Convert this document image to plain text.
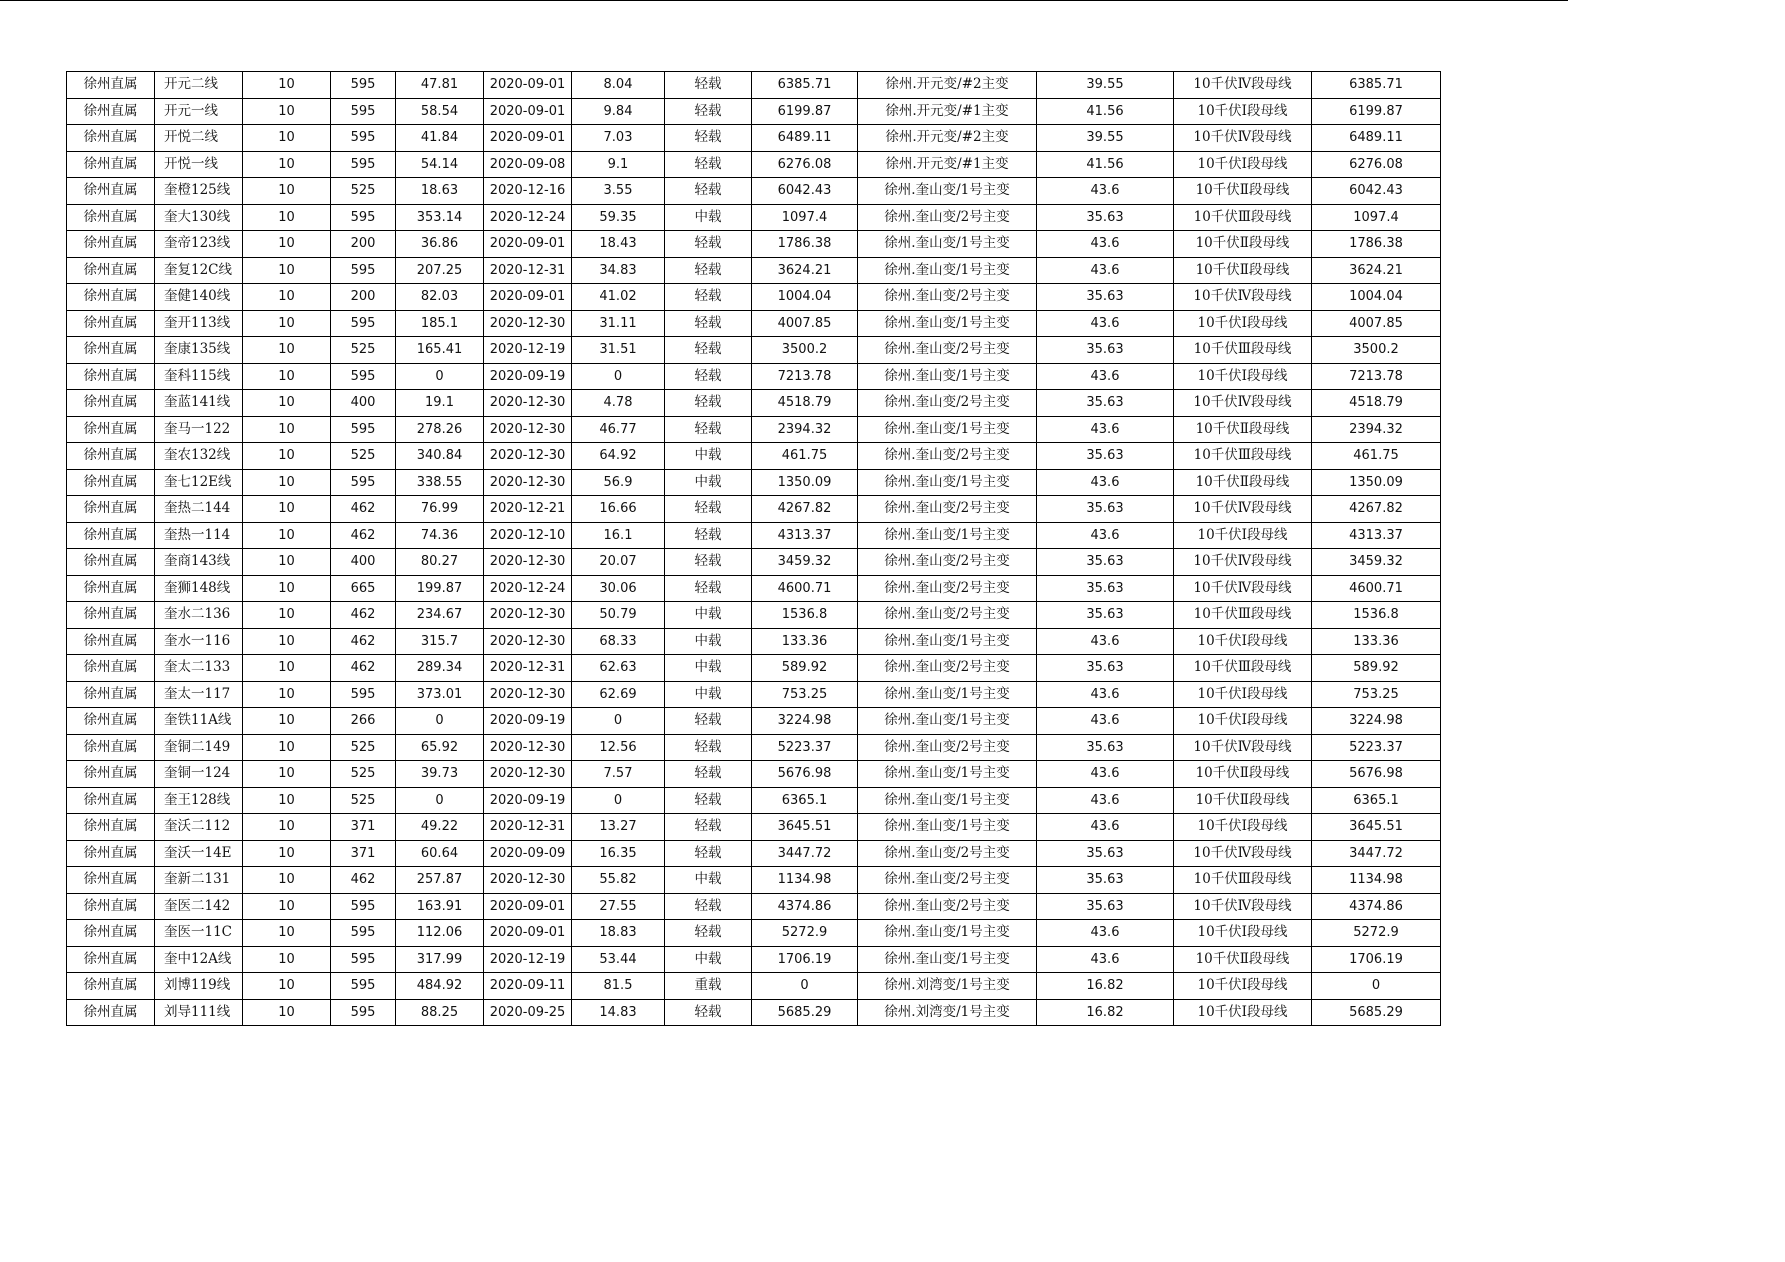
徐州直属	开元二线	10	595	47.81	2020-09-01	8.04	轻载	6385.71	徐州.开元变/#2主变	39.55	10千伏Ⅳ段母线	6385.71
徐州直属	开元一线	10	595	58.54	2020-09-01	9.84	轻载	6199.87	徐州.开元变/#1主变	41.56	10千伏Ⅰ段母线	6199.87
徐州直属	开悦二线	10	595	41.84	2020-09-01	7.03	轻载	6489.11	徐州.开元变/#2主变	39.55	10千伏Ⅳ段母线	6489.11
徐州直属	开悦一线	10	595	54.14	2020-09-08	9.1	轻载	6276.08	徐州.开元变/#1主变	41.56	10千伏Ⅰ段母线	6276.08
徐州直属	奎橙125线	10	525	18.63	2020-12-16	3.55	轻载	6042.43	徐州.奎山变/1号主变	43.6	10千伏Ⅱ段母线	6042.43
徐州直属	奎大130线	10	595	353.14	2020-12-24	59.35	中载	1097.4	徐州.奎山变/2号主变	35.63	10千伏Ⅲ段母线	1097.4
徐州直属	奎帝123线	10	200	36.86	2020-09-01	18.43	轻载	1786.38	徐州.奎山变/1号主变	43.6	10千伏Ⅱ段母线	1786.38
徐州直属	奎复12C线	10	595	207.25	2020-12-31	34.83	轻载	3624.21	徐州.奎山变/1号主变	43.6	10千伏Ⅱ段母线	3624.21
徐州直属	奎健140线	10	200	82.03	2020-09-01	41.02	轻载	1004.04	徐州.奎山变/2号主变	35.63	10千伏Ⅳ段母线	1004.04
徐州直属	奎开113线	10	595	185.1	2020-12-30	31.11	轻载	4007.85	徐州.奎山变/1号主变	43.6	10千伏Ⅰ段母线	4007.85
徐州直属	奎康135线	10	525	165.41	2020-12-19	31.51	轻载	3500.2	徐州.奎山变/2号主变	35.63	10千伏Ⅲ段母线	3500.2
徐州直属	奎科115线	10	595	0	2020-09-19	0	轻载	7213.78	徐州.奎山变/1号主变	43.6	10千伏Ⅰ段母线	7213.78
徐州直属	奎蓝141线	10	400	19.1	2020-12-30	4.78	轻载	4518.79	徐州.奎山变/2号主变	35.63	10千伏Ⅳ段母线	4518.79
徐州直属	奎马一122	10	595	278.26	2020-12-30	46.77	轻载	2394.32	徐州.奎山变/1号主变	43.6	10千伏Ⅱ段母线	2394.32
徐州直属	奎农132线	10	525	340.84	2020-12-30	64.92	中载	461.75	徐州.奎山变/2号主变	35.63	10千伏Ⅲ段母线	461.75
徐州直属	奎七12E线	10	595	338.55	2020-12-30	56.9	中载	1350.09	徐州.奎山变/1号主变	43.6	10千伏Ⅱ段母线	1350.09
徐州直属	奎热二144	10	462	76.99	2020-12-21	16.66	轻载	4267.82	徐州.奎山变/2号主变	35.63	10千伏Ⅳ段母线	4267.82
徐州直属	奎热一114	10	462	74.36	2020-12-10	16.1	轻载	4313.37	徐州.奎山变/1号主变	43.6	10千伏Ⅰ段母线	4313.37
徐州直属	奎商143线	10	400	80.27	2020-12-30	20.07	轻载	3459.32	徐州.奎山变/2号主变	35.63	10千伏Ⅳ段母线	3459.32
徐州直属	奎狮148线	10	665	199.87	2020-12-24	30.06	轻载	4600.71	徐州.奎山变/2号主变	35.63	10千伏Ⅳ段母线	4600.71
徐州直属	奎水二136	10	462	234.67	2020-12-30	50.79	中载	1536.8	徐州.奎山变/2号主变	35.63	10千伏Ⅲ段母线	1536.8
徐州直属	奎水一116	10	462	315.7	2020-12-30	68.33	中载	133.36	徐州.奎山变/1号主变	43.6	10千伏Ⅰ段母线	133.36
徐州直属	奎太二133	10	462	289.34	2020-12-31	62.63	中载	589.92	徐州.奎山变/2号主变	35.63	10千伏Ⅲ段母线	589.92
徐州直属	奎太一117	10	595	373.01	2020-12-30	62.69	中载	753.25	徐州.奎山变/1号主变	43.6	10千伏Ⅰ段母线	753.25
徐州直属	奎铁11A线	10	266	0	2020-09-19	0	轻载	3224.98	徐州.奎山变/1号主变	43.6	10千伏Ⅰ段母线	3224.98
徐州直属	奎铜二149	10	525	65.92	2020-12-30	12.56	轻载	5223.37	徐州.奎山变/2号主变	35.63	10千伏Ⅳ段母线	5223.37
徐州直属	奎铜一124	10	525	39.73	2020-12-30	7.57	轻载	5676.98	徐州.奎山变/1号主变	43.6	10千伏Ⅱ段母线	5676.98
徐州直属	奎王128线	10	525	0	2020-09-19	0	轻载	6365.1	徐州.奎山变/1号主变	43.6	10千伏Ⅱ段母线	6365.1
徐州直属	奎沃二112	10	371	49.22	2020-12-31	13.27	轻载	3645.51	徐州.奎山变/1号主变	43.6	10千伏Ⅰ段母线	3645.51
徐州直属	奎沃一14E	10	371	60.64	2020-09-09	16.35	轻载	3447.72	徐州.奎山变/2号主变	35.63	10千伏Ⅳ段母线	3447.72
徐州直属	奎新二131	10	462	257.87	2020-12-30	55.82	中载	1134.98	徐州.奎山变/2号主变	35.63	10千伏Ⅲ段母线	1134.98
徐州直属	奎医二142	10	595	163.91	2020-09-01	27.55	轻载	4374.86	徐州.奎山变/2号主变	35.63	10千伏Ⅳ段母线	4374.86
徐州直属	奎医一11C	10	595	112.06	2020-09-01	18.83	轻载	5272.9	徐州.奎山变/1号主变	43.6	10千伏Ⅰ段母线	5272.9
徐州直属	奎中12A线	10	595	317.99	2020-12-19	53.44	中载	1706.19	徐州.奎山变/1号主变	43.6	10千伏Ⅱ段母线	1706.19
徐州直属	刘博119线	10	595	484.92	2020-09-11	81.5	重载	0	徐州.刘湾变/1号主变	16.82	10千伏Ⅰ段母线	0
徐州直属	刘导111线	10	595	88.25	2020-09-25	14.83	轻载	5685.29	徐州.刘湾变/1号主变	16.82	10千伏Ⅰ段母线	5685.29
